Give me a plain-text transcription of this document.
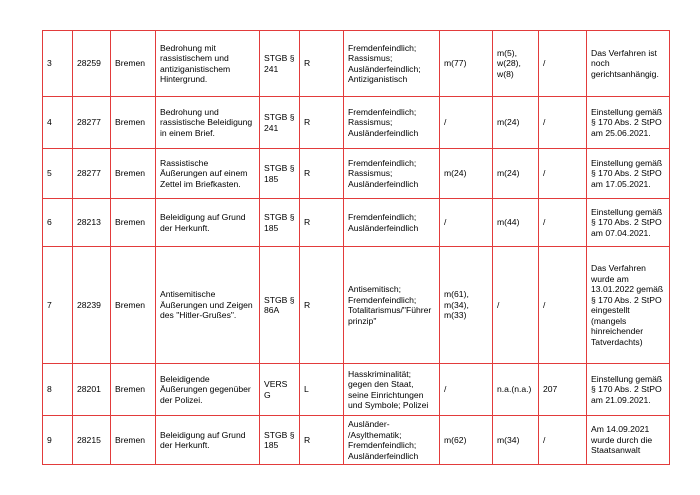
3	28259	Bremen	Bedrohung mit rassistischem und antiziganistischem Hintergrund.	STGB § 241	R	Fremdenfeindlich;
Rassismus;
Ausländerfeindlich;
Antiziganistisch	m(77)	m(5),
w(28),
w(8)	/	Das Verfahren ist noch gerichtsanhängig.

4	28277	Bremen	Bedrohung und rassistische Beleidigung in einem Brief.	STGB § 241	R	Fremdenfeindlich;
Rassismus;
Ausländerfeindlich	/	m(24)	/	Einstellung gemäß § 170 Abs. 2 StPO am 25.06.2021.

5	28277	Bremen	Rassistische Äußerungen auf einem Zettel im Briefkasten.	STGB § 185	R	Fremdenfeindlich;
Rassismus;
Ausländerfeindlich	m(24)	m(24)	/	Einstellung gemäß § 170 Abs. 2 StPO am 17.05.2021.

6	28213	Bremen	Beleidigung auf Grund der Herkunft.	STGB § 185	R	Fremdenfeindlich;
Ausländerfeindlich	/	m(44)	/	Einstellung gemäß § 170 Abs. 2 StPO am 07.04.2021.

7	28239	Bremen	Antisemitische Äußerungen und Zeigen des "Hitler-Grußes".	STGB § 86A	R	Antisemitisch;
Fremdenfeindlich;
Totalitarismus/"Führer prinzip"	m(61),
m(34),
m(33)	/	/	Das Verfahren wurde am 13.01.2022 gemäß § 170 Abs. 2 StPO eingestellt (mangels hinreichender Tatverdachts)

8	28201	Bremen	Beleidigende Äußerungen gegenüber der Polizei.	VERS G	L	Hasskriminalität;
gegen den Staat, seine Einrichtungen und Symbole; Polizei	/	n.a.(n.a.)	207	Einstellung gemäß § 170 Abs. 2 StPO am 21.09.2021.

9	28215	Bremen	Beleidigung auf Grund der Herkunft.	STGB § 185	R	Ausländer-
/Asylthematik;
Fremdenfeindlich;
Ausländerfeindlich	m(62)	m(34)	/	Am 14.09.2021 wurde durch die Staatsanwalt
